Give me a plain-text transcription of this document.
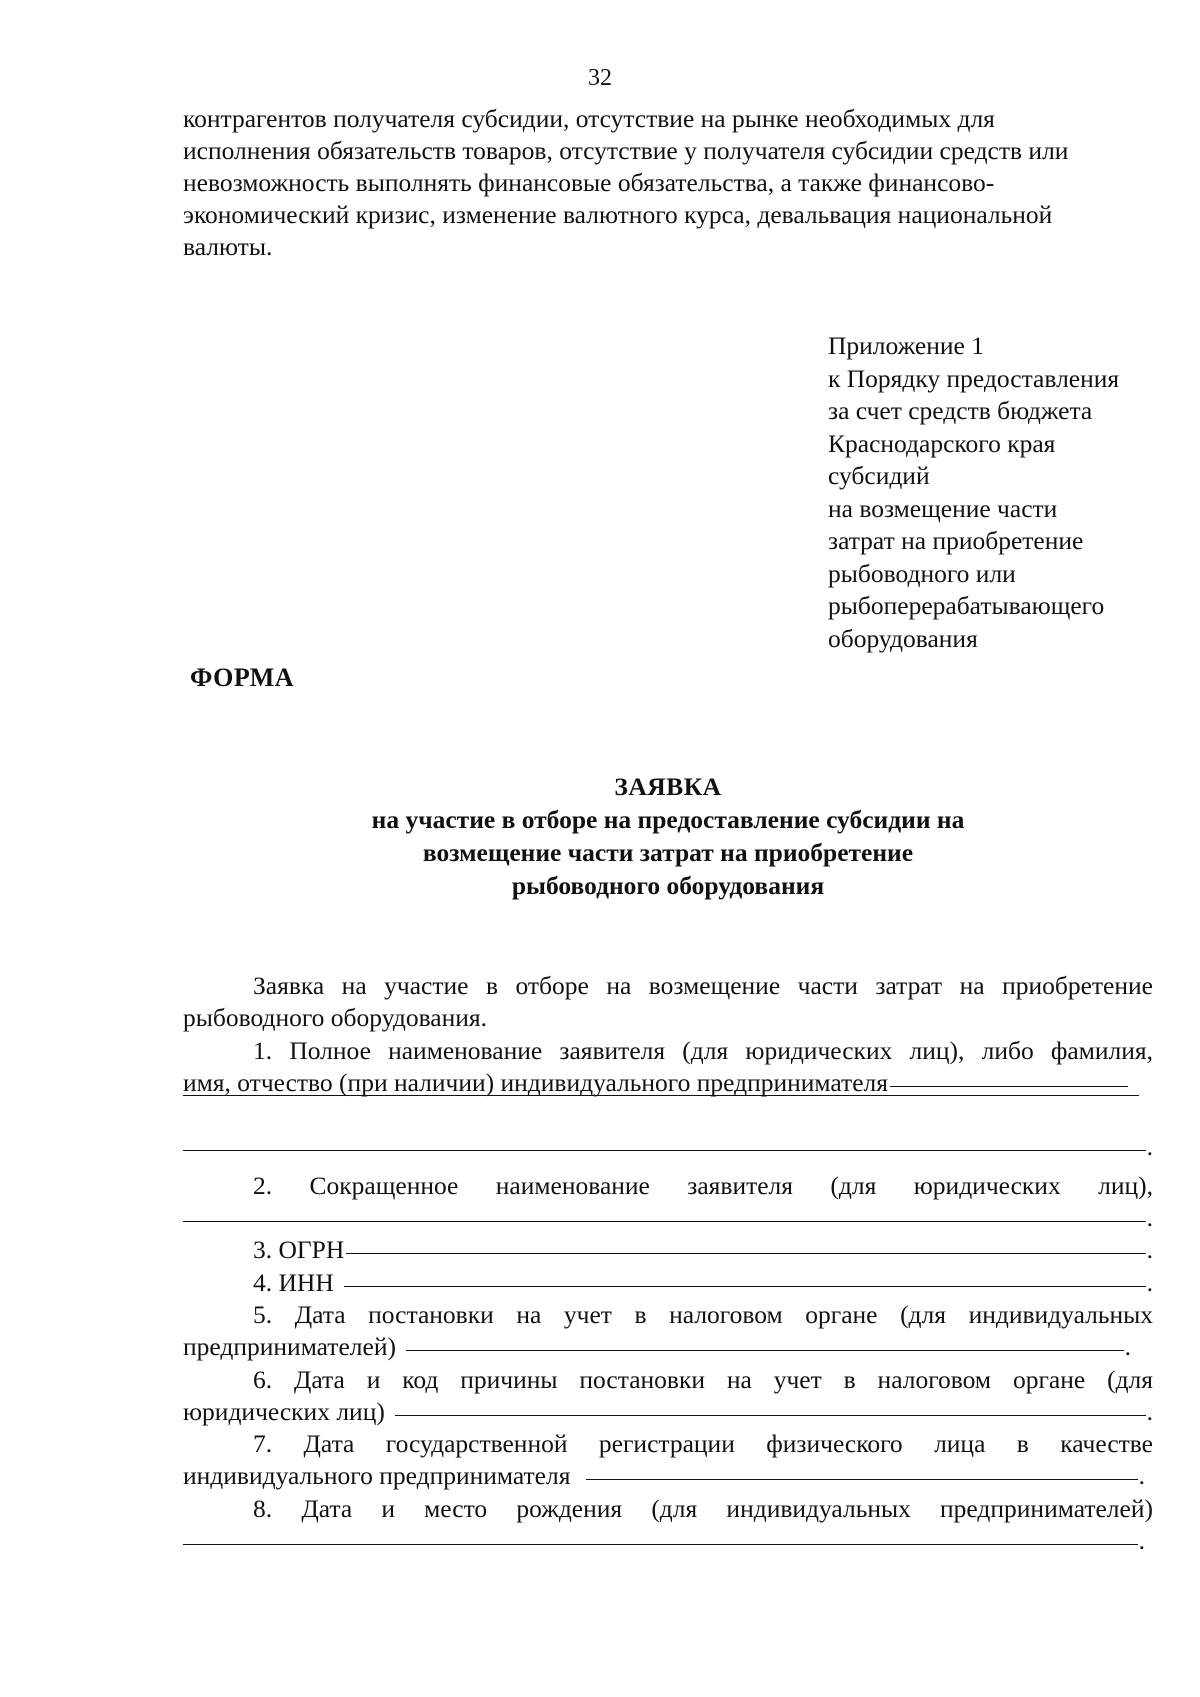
32

контрагентов получателя субсидии, отсутствие на рынке необходимых для

исполнения обязательств товаров, отсутствие у получателя субсидии средств или

невозможность выполнять финансовые обязательства, а также финансово-

экономический кризис, изменение валютного курса, девальвация национальной

валюты.

Приложение 1
к Порядку предоставления
за счет средств бюджета
Краснодарского края
субсидий
на возмещение части
затрат на приобретение
рыбоводного или
рыбоперерабатывающего
оборудования
ФОРМА
ЗАЯВКА
на участие в отборе на предоставление субсидии на
возмещение части затрат на приобретение
рыбоводного оборудования
Заявка на участие в отборе на возмещение части затрат на приобретение
рыбоводного оборудования.
1. Полное наименование заявителя (для юридических лиц), либо фамилия,
имя, отчество (при наличии) индивидуального предпринимателя
.
2. Сокращенное наименование заявителя (для юридических лиц),
.
3. ОГРН	.
4. ИНН	.
5. Дата постановки на учет в налоговом органе (для индивидуальных
предпринимателей)	.
6. Дата и код причины постановки на учет в налоговом органе (для
юридических лиц)	.
7. Дата государственной регистрации физического лица в качестве
индивидуального предпринимателя	.
8. Дата и место рождения (для индивидуальных предпринимателей)
.
